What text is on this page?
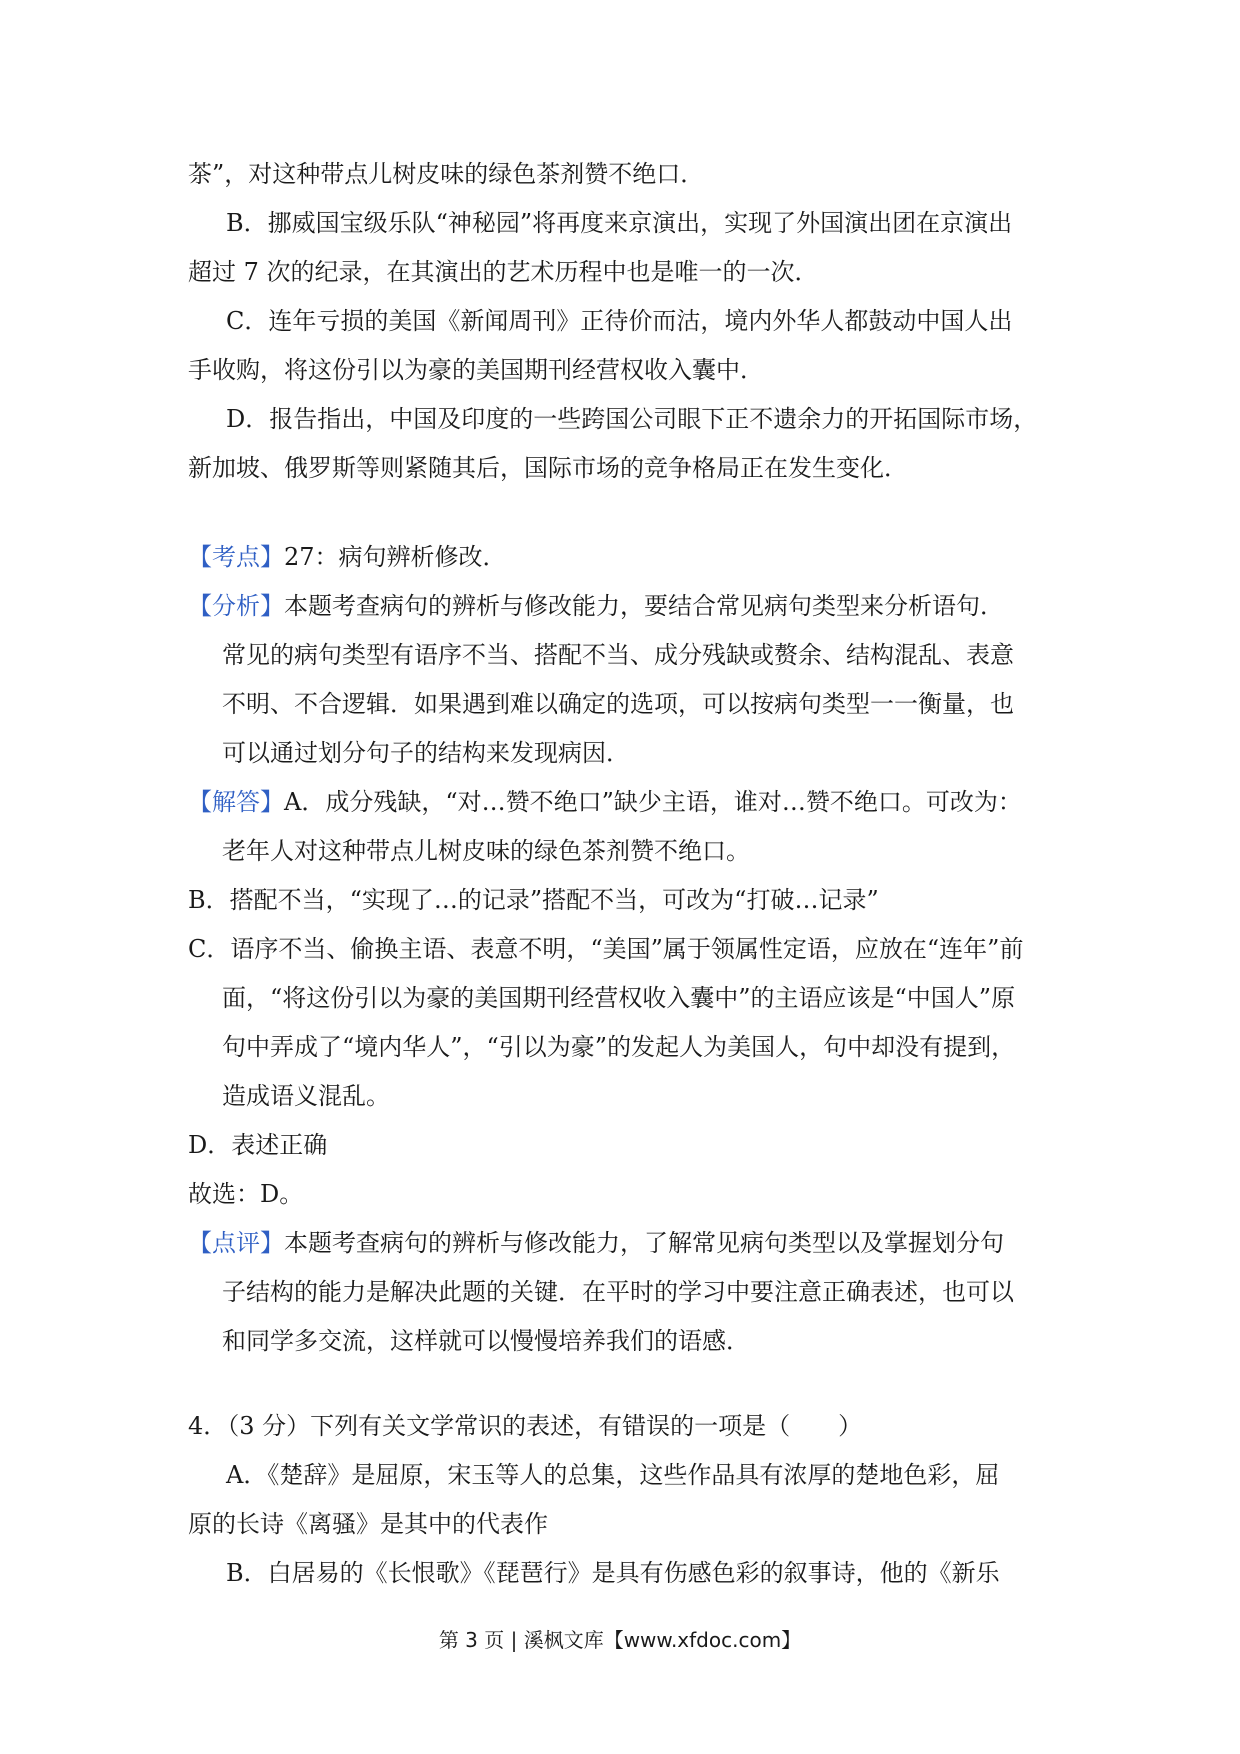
茶”，对这种带点儿树皮味的绿色茶剂赞不绝口．
B．挪威国宝级乐队“神秘园”将再度来京演出，实现了外国演出团在京演出
超过 7 次的纪录，在其演出的艺术历程中也是唯一的一次．
C．连年亏损的美国《新闻周刊》正待价而沽，境内外华人都鼓动中国人出
手收购，将这份引以为豪的美国期刊经营权收入囊中．
D．报告指出，中国及印度的一些跨国公司眼下正不遗余力的开拓国际市场，
新加坡、俄罗斯等则紧随其后，国际市场的竞争格局正在发生变化．
【考点】27：病句辨析修改．
【分析】本题考查病句的辨析与修改能力，要结合常见病句类型来分析语句．
常见的病句类型有语序不当、搭配不当、成分残缺或赘余、结构混乱、表意
不明、不合逻辑．如果遇到难以确定的选项，可以按病句类型一一衡量，也
可以通过划分句子的结构来发现病因．
【解答】A．成分残缺，“对…赞不绝口”缺少主语，谁对…赞不绝口。可改为：
老年人对这种带点儿树皮味的绿色茶剂赞不绝口。
B．搭配不当，“实现了…的记录”搭配不当，可改为“打破…记录”
C．语序不当、偷换主语、表意不明，“美国”属于领属性定语，应放在“连年”前
面，“将这份引以为豪的美国期刊经营权收入囊中”的主语应该是“中国人”原
句中弄成了“境内华人”，“引以为豪”的发起人为美国人，句中却没有提到，
造成语义混乱。
D．表述正确
故选：D。
【点评】本题考查病句的辨析与修改能力，了解常见病句类型以及掌握划分句
子结构的能力是解决此题的关键．在平时的学习中要注意正确表述，也可以
和同学多交流，这样就可以慢慢培养我们的语感．
4．（3 分）下列有关文学常识的表述，有错误的一项是（　　）
A．《楚辞》是屈原，宋玉等人的总集，这些作品具有浓厚的楚地色彩，屈
原的长诗《离骚》是其中的代表作
B．白居易的《长恨歌》《琵琶行》是具有伤感色彩的叙事诗，他的《新乐
第 3 页 | 溪枫文库【www.xfdoc.com】
